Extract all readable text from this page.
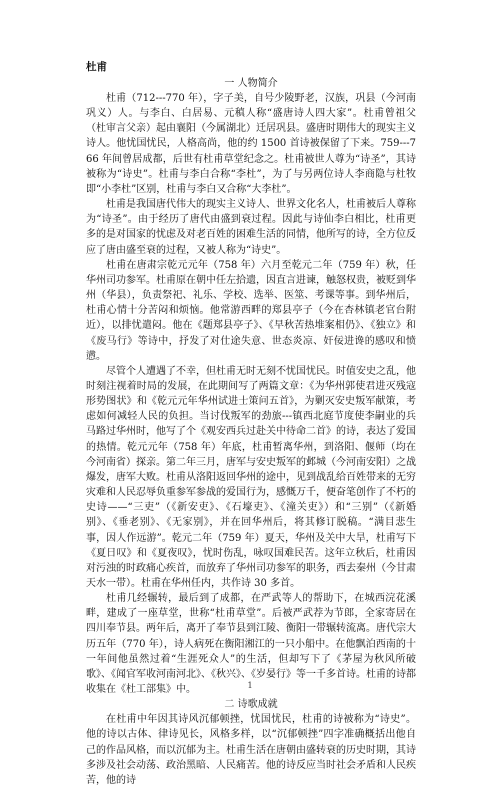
杜甫
一 人物简介

杜甫（712---770 年），字子美，自号少陵野老，汉族，巩县（今河南巩义）人。与李白、白居易、元稹人称“盛唐诗人四大家”。杜甫曾祖父（杜审言父亲）起由襄阳（今属湖北）迁居巩县。盛唐时期伟大的现实主义诗人。他忧国忧民，人格高尚，他的约 1500 首诗被保留了下来。759---766 年间曾居成都，后世有杜甫草堂纪念之。杜甫被世人尊为“诗圣”，其诗被称为“诗史”。杜甫与李白合称“李杜”，为了与另两位诗人李商隐与杜牧即“小李杜”区别，杜甫与李白又合称“大李杜”。

杜甫是我国唐代伟大的现实主义诗人、世界文化名人，杜甫被后人尊称为“诗圣”。由于经历了唐代由盛到衰过程。因此与诗仙李白相比，杜甫更多的是对国家的忧虑及对老百姓的困难生活的同情，他所写的诗，全方位反应了唐由盛至衰的过程，又被人称为“诗史”。

杜甫在唐肃宗乾元元年（758 年）六月至乾元二年（759 年）秋，任华州司功参军。杜甫原在朝中任左拾遗，因直言进谏，触怒权贵，被贬到华州（华县），负责祭祀、礼乐、学校、选举、医筮、考课等事。到华州后，杜甫心情十分苦闷和烦恼。他常游西畔的郑县亭子（今在杏林镇老官台附近），以排忧遣闷。他在《题郑县亭子》、《早秋苦热堆案相仍》、《独立》和《废马行》等诗中，抒发了对仕途失意、世态炎凉、奸佞进谗的感叹和愤懑。

尽管个人遭遇了不幸，但杜甫无时无刻不忧国忧民。时值安史之乱，他时刻注视着时局的发展，在此期间写了两篇文章：《为华州郭使君进灭残寇形势图状》和《乾元元年华州试进士策问五首》，为剿灭安史叛军献策，考虑如何减轻人民的负担。当讨伐叛军的劲旅---镇西北庭节度使李嗣业的兵马路过华州时，他写了个《观安西兵过赴关中待命二首》的诗，表达了爱国的热情。乾元元年（758 年）年底，杜甫暂离华州，到洛阳、偃师（均在今河南省）探亲。第二年三月，唐军与安史叛军的邺城（今河南安阳）之战爆发，唐军大败。杜甫从洛阳返回华州的途中，见到战乱给百姓带来的无穷灾难和人民忍辱负重参军参战的爱国行为，感慨万千，便奋笔创作了不朽的史诗——“三吏”（《新安吏》、《石壕吏》、《潼关吏》）和“三别”（《新婚别》、《垂老别》、《无家别》，并在回华州后，将其修订脱稿。“满目悲生事，因人作远游”。乾元二年（759 年）夏天，华州及关中大旱，杜甫写下《夏日叹》和《夏夜叹》，忧时伤乱，咏叹国难民苦。这年立秋后，杜甫因对污浊的时政痛心疾首，而放弃了华州司功参军的职务，西去秦州（今甘肃天水一带）。杜甫在华州任内，共作诗 30 多首。

杜甫几经辗转，最后到了成都，在严武等人的帮助下，在城西浣花溪畔，建成了一座草堂，世称“杜甫草堂”。后被严武荐为节郎，全家寄居在四川奉节县。两年后，离开了奉节县到江陵、衡阳一带辗转流离。唐代宗大历五年（770 年），诗人病死在衡阳湘江的一只小船中。在他飘泊西南的十一年间他虽然过着“生涯死众人”的生活，但却写下了《茅屋为秋风所破歌》、《闻官军收河南河北》、《秋兴》、《岁晏行》等一千多首诗。杜甫的诗都收集在《杜工部集》中。

二 诗歌成就

在杜甫中年因其诗风沉郁顿挫，忧国忧民，杜甫的诗被称为“诗史”。他的诗以古体、律诗见长，风格多样，以“沉郁顿挫”四字准确概括出他自己的作品风格，而以沉郁为主。杜甫生活在唐朝由盛转衰的历史时期，其诗多涉及社会动荡、政治黑暗、人民痛苦。他的诗反应当时社会矛盾和人民疾苦，他的诗

1
